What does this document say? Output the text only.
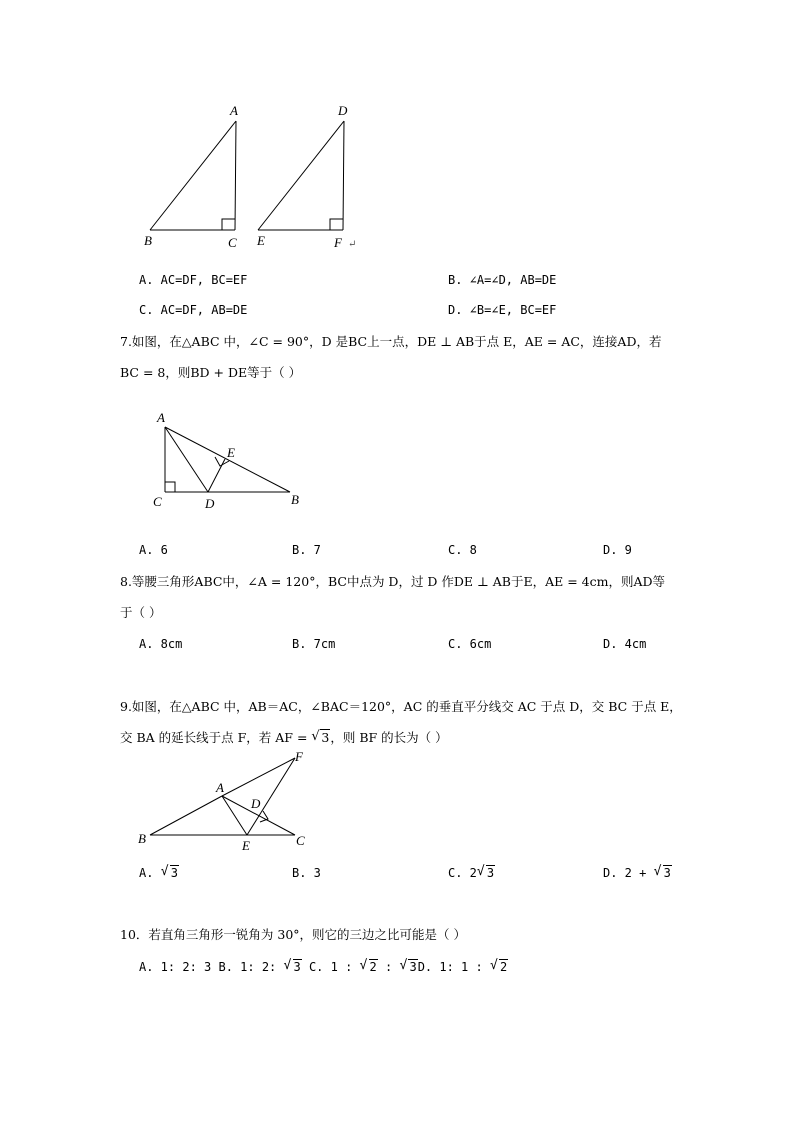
A
B	C
D
E	F ↵
A. AC=DF, BC=EF	B. ∠A=∠D, AB=DE
C. AC=DF, AB=DE	D. ∠B=∠E, BC=EF
7.如图，在△ABC 中，∠C = 90°，D 是BC上一点，DE ⊥ AB于点 E，AE = AC，连接AD，若
BC = 8，则BD + DE等于（ ）
A
C	D
E
B
A. 6	B. 7	C. 8	D. 9
8.等腰三角形ABC中，∠A = 120°，BC中点为 D，过 D 作DE ⊥ AB于E，AE = 4cm，则AD等
于（ ）
A. 8cm	B. 7cm	C. 6cm	D. 4cm
9.如图，在△ABC 中，AB＝AC，∠BAC＝120°，AC 的垂直平分线交 AC 于点 D，交 BC 于点 E，
交 BA 的延长线于点 F，若 AF = √ 3，则 BF 的长为（ ）
A
B	C
D
E
F
A. √ 3	B. 3	C. 2√ 3	D. 2 + √ 3
10．若直角三角形一锐角为 30°，则它的三边之比可能是（ ）
A. 1: 2: 3 B. 1: 2: √ 3 C. 1 : √ 2 : √ 3D. 1: 1 : √ 2
